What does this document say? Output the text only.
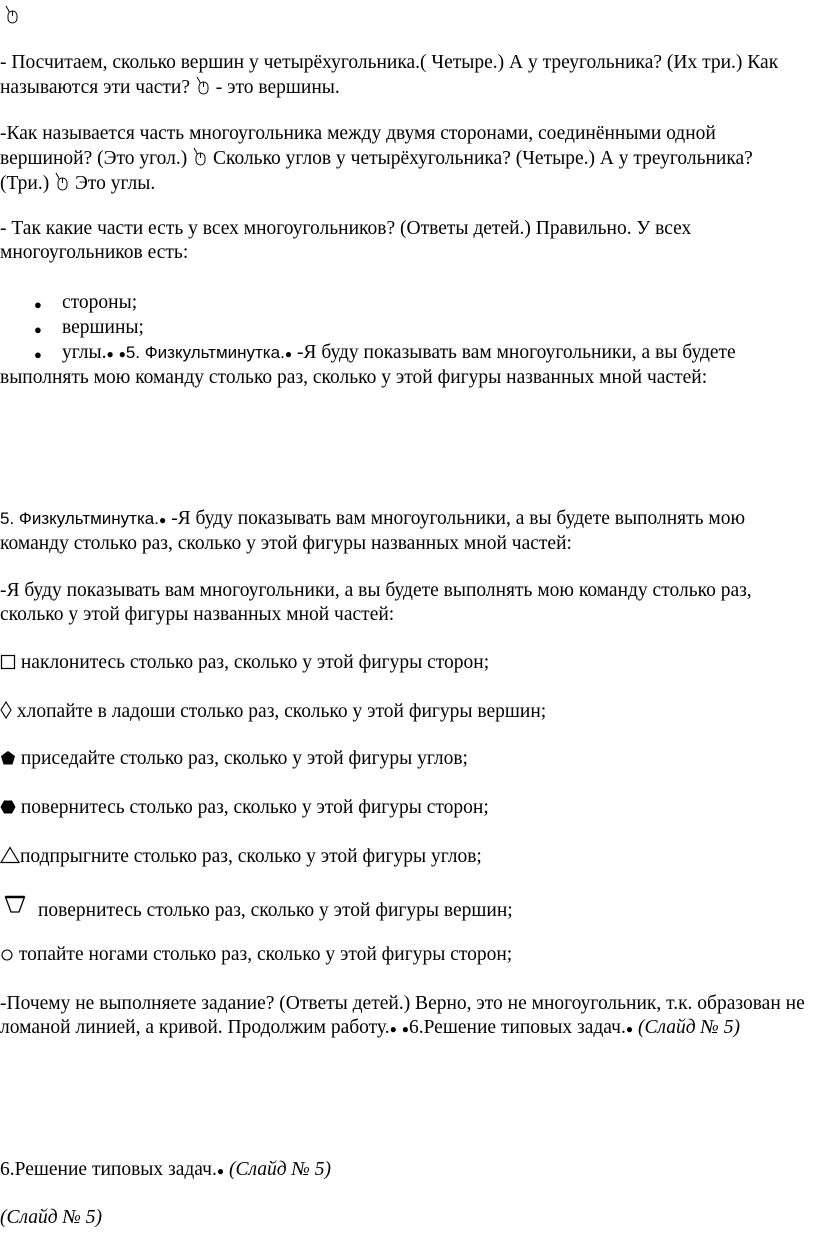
- Посчитаем, сколько вершин у четырёхугольника.( Четыре.) А у треугольника? (Их три.) Как называются эти части?  - это вершины.
-Как называется часть многоугольника между двумя сторонами, соединёнными одной вершиной? (Это угол.)  Сколько углов у четырёхугольника? (Четыре.) А у треугольника? (Три.)  Это углы.
- Так какие части есть у всех многоугольников? (Ответы детей.) Правильно. У всех многоугольников есть:
● стороны;
● вершины;
●	углы.● ●5. Физкультминутка.● -Я буду показывать вам многоугольники, а вы будете выполнять мою команду столько раз, сколько у этой фигуры названных мной частей:
5. Физкультминутка.● -Я буду показывать вам многоугольники, а вы будете выполнять мою команду столько раз, сколько у этой фигуры названных мной частей:
-Я буду показывать вам многоугольники, а вы будете выполнять мою команду столько раз, сколько у этой фигуры названных мной частей:
наклонитесь столько раз, сколько у этой фигуры сторон;
хлопайте в ладоши столько раз, сколько у этой фигуры вершин;
приседайте столько раз, сколько у этой фигуры углов;
повернитесь столько раз, сколько у этой фигуры сторон;
подпрыгните столько раз, сколько у этой фигуры углов;
повернитесь столько раз, сколько у этой фигуры вершин;
топайте ногами столько раз, сколько у этой фигуры сторон;
-Почему не выполняете задание? (Ответы детей.) Верно, это не многоугольник, т.к. образован не ломаной линией, а кривой. Продолжим работу.● ●6.Решение типовых задач.● (Слайд № 5)
6.Решение типовых задач.● (Слайд № 5)
(Слайд № 5)
